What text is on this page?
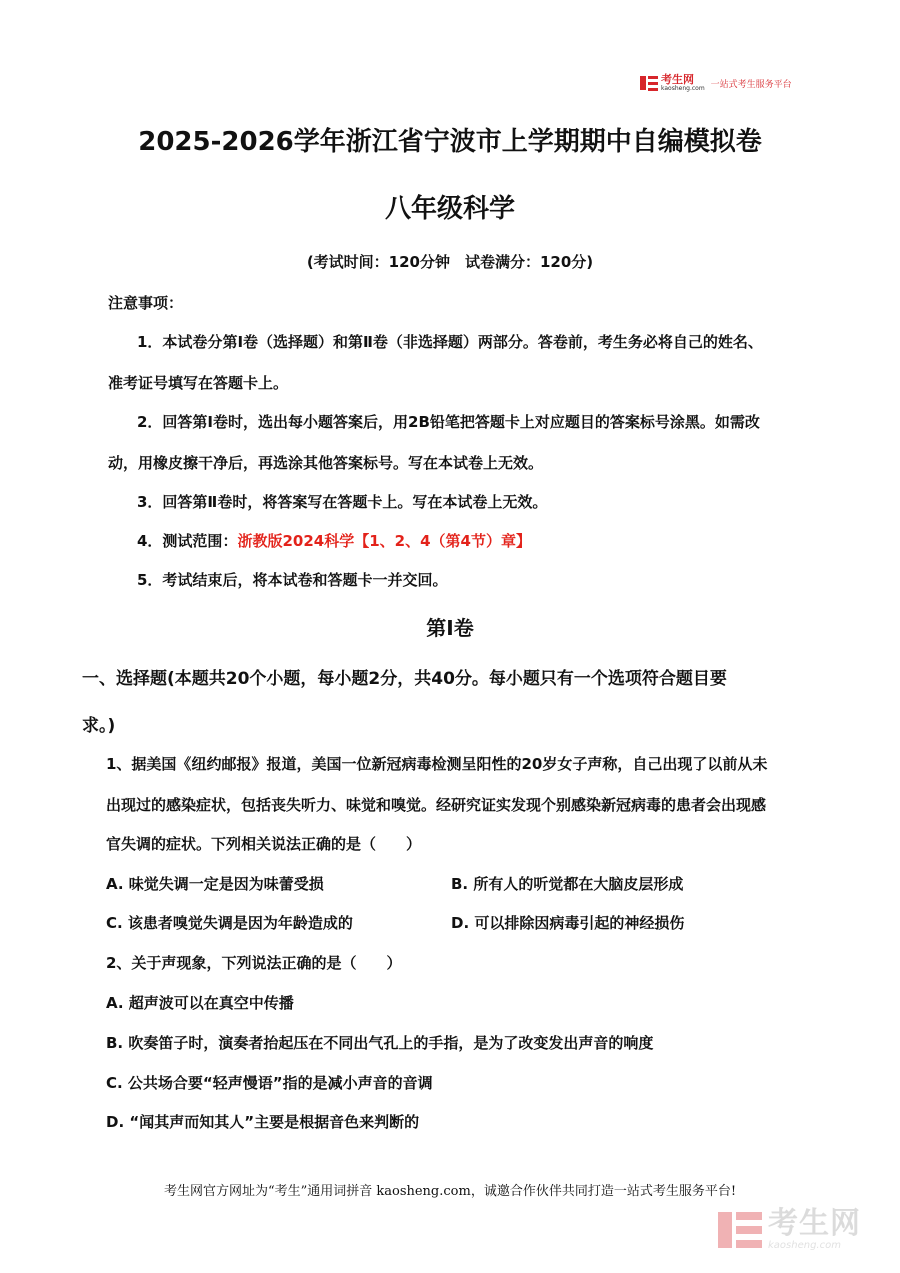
考生网
kaosheng.com 一站式考生服务平台
2025-2026学年浙江省宁波市上学期期中自编模拟卷
八年级科学
(考试时间：120分钟　试卷满分：120分)
注意事项：
1．本试卷分第Ⅰ卷（选择题）和第Ⅱ卷（非选择题）两部分。答卷前，考生务必将自己的姓名、
准考证号填写在答题卡上。
2．回答第Ⅰ卷时，选出每小题答案后，用2B铅笔把答题卡上对应题目的答案标号涂黑。如需改
动，用橡皮擦干净后，再选涂其他答案标号。写在本试卷上无效。
3．回答第Ⅱ卷时，将答案写在答题卡上。写在本试卷上无效。
4．测试范围：浙教版2024科学【1、2、4（第4节）章】
5．考试结束后，将本试卷和答题卡一并交回。
第Ⅰ卷
一、选择题(本题共20个小题，每小题2分，共40分。每小题只有一个选项符合题目要
求。)
1、据美国《纽约邮报》报道，美国一位新冠病毒检测呈阳性的20岁女子声称，自己出现了以前从未
出现过的感染症状，包括丧失听力、味觉和嗅觉。经研究证实发现个别感染新冠病毒的患者会出现感
官失调的症状。下列相关说法正确的是（　　）
A. 味觉失调一定是因为味蕾受损	B. 所有人的听觉都在大脑皮层形成
C. 该患者嗅觉失调是因为年龄造成的	D. 可以排除因病毒引起的神经损伤
2、关于声现象，下列说法正确的是（　　）
A. 超声波可以在真空中传播
B. 吹奏笛子时，演奏者抬起压在不同出气孔上的手指，是为了改变发出声音的响度
C. 公共场合要“轻声慢语”指的是减小声音的音调
D. “闻其声而知其人”主要是根据音色来判断的
考生网官方网址为“考生”通用词拼音 kaosheng.com，诚邀合作伙伴共同打造一站式考生服务平台!
考生网
kaosheng.com
